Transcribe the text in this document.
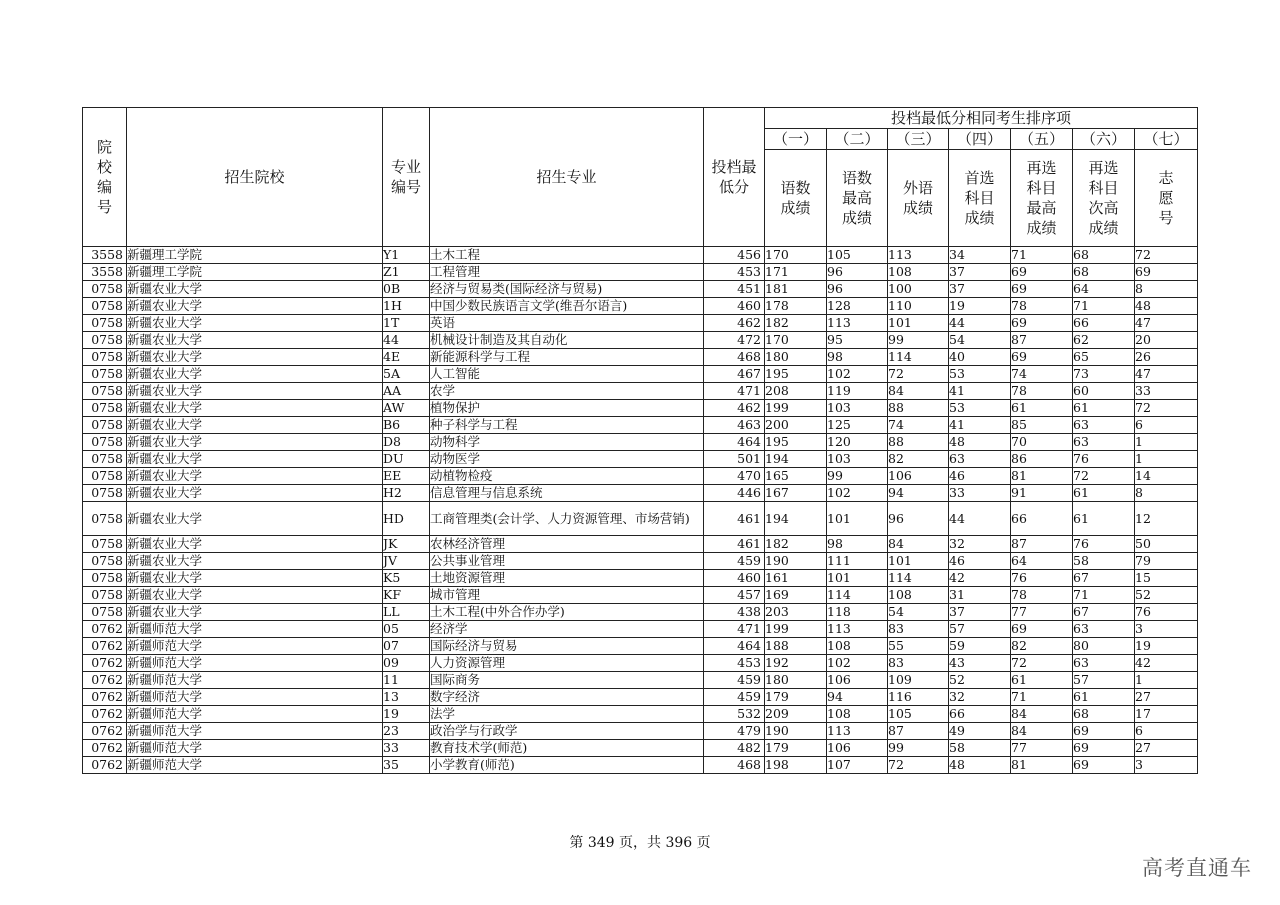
院校编号	招生院校	专业编号	招生专业	投档最低分	投档最低分相同考生排序项						
					（一）	（二）	（三）	（四）	（五）	（六）	（七）

					语数成绩	语数最高成绩	外语成绩	首选科目成绩	再选科目最高成绩	再选科目次高成绩	志愿号

3558	新疆理工学院	Y1	土木工程	456	170	105	113	34	71	68	72
3558	新疆理工学院	Z1	工程管理	453	171	96	108	37	69	68	69
0758	新疆农业大学	0B	经济与贸易类(国际经济与贸易)	451	181	96	100	37	69	64	8
0758	新疆农业大学	1H	中国少数民族语言文学(维吾尔语言)	460	178	128	110	19	78	71	48
0758	新疆农业大学	1T	英语	462	182	113	101	44	69	66	47
0758	新疆农业大学	44	机械设计制造及其自动化	472	170	95	99	54	87	62	20
0758	新疆农业大学	4E	新能源科学与工程	468	180	98	114	40	69	65	26
0758	新疆农业大学	5A	人工智能	467	195	102	72	53	74	73	47
0758	新疆农业大学	AA	农学	471	208	119	84	41	78	60	33
0758	新疆农业大学	AW	植物保护	462	199	103	88	53	61	61	72
0758	新疆农业大学	B6	种子科学与工程	463	200	125	74	41	85	63	6
0758	新疆农业大学	D8	动物科学	464	195	120	88	48	70	63	1
0758	新疆农业大学	DU	动物医学	501	194	103	82	63	86	76	1
0758	新疆农业大学	EE	动植物检疫	470	165	99	106	46	81	72	14
0758	新疆农业大学	H2	信息管理与信息系统	446	167	102	94	33	91	61	8
0758	新疆农业大学	HD	工商管理类(会计学、人力资源管理、市场营销)	461	194	101	96	44	66	61	12
0758	新疆农业大学	JK	农林经济管理	461	182	98	84	32	87	76	50
0758	新疆农业大学	JV	公共事业管理	459	190	111	101	46	64	58	79
0758	新疆农业大学	K5	土地资源管理	460	161	101	114	42	76	67	15
0758	新疆农业大学	KF	城市管理	457	169	114	108	31	78	71	52
0758	新疆农业大学	LL	土木工程(中外合作办学)	438	203	118	54	37	77	67	76
0762	新疆师范大学	05	经济学	471	199	113	83	57	69	63	3
0762	新疆师范大学	07	国际经济与贸易	464	188	108	55	59	82	80	19
0762	新疆师范大学	09	人力资源管理	453	192	102	83	43	72	63	42
0762	新疆师范大学	11	国际商务	459	180	106	109	52	61	57	1
0762	新疆师范大学	13	数字经济	459	179	94	116	32	71	61	27
0762	新疆师范大学	19	法学	532	209	108	105	66	84	68	17
0762	新疆师范大学	23	政治学与行政学	479	190	113	87	49	84	69	6
0762	新疆师范大学	33	教育技术学(师范)	482	179	106	99	58	77	69	27
0762	新疆师范大学	35	小学教育(师范)	468	198	107	72	48	81	69	3
第 349 页，共 396 页
高考直通车
